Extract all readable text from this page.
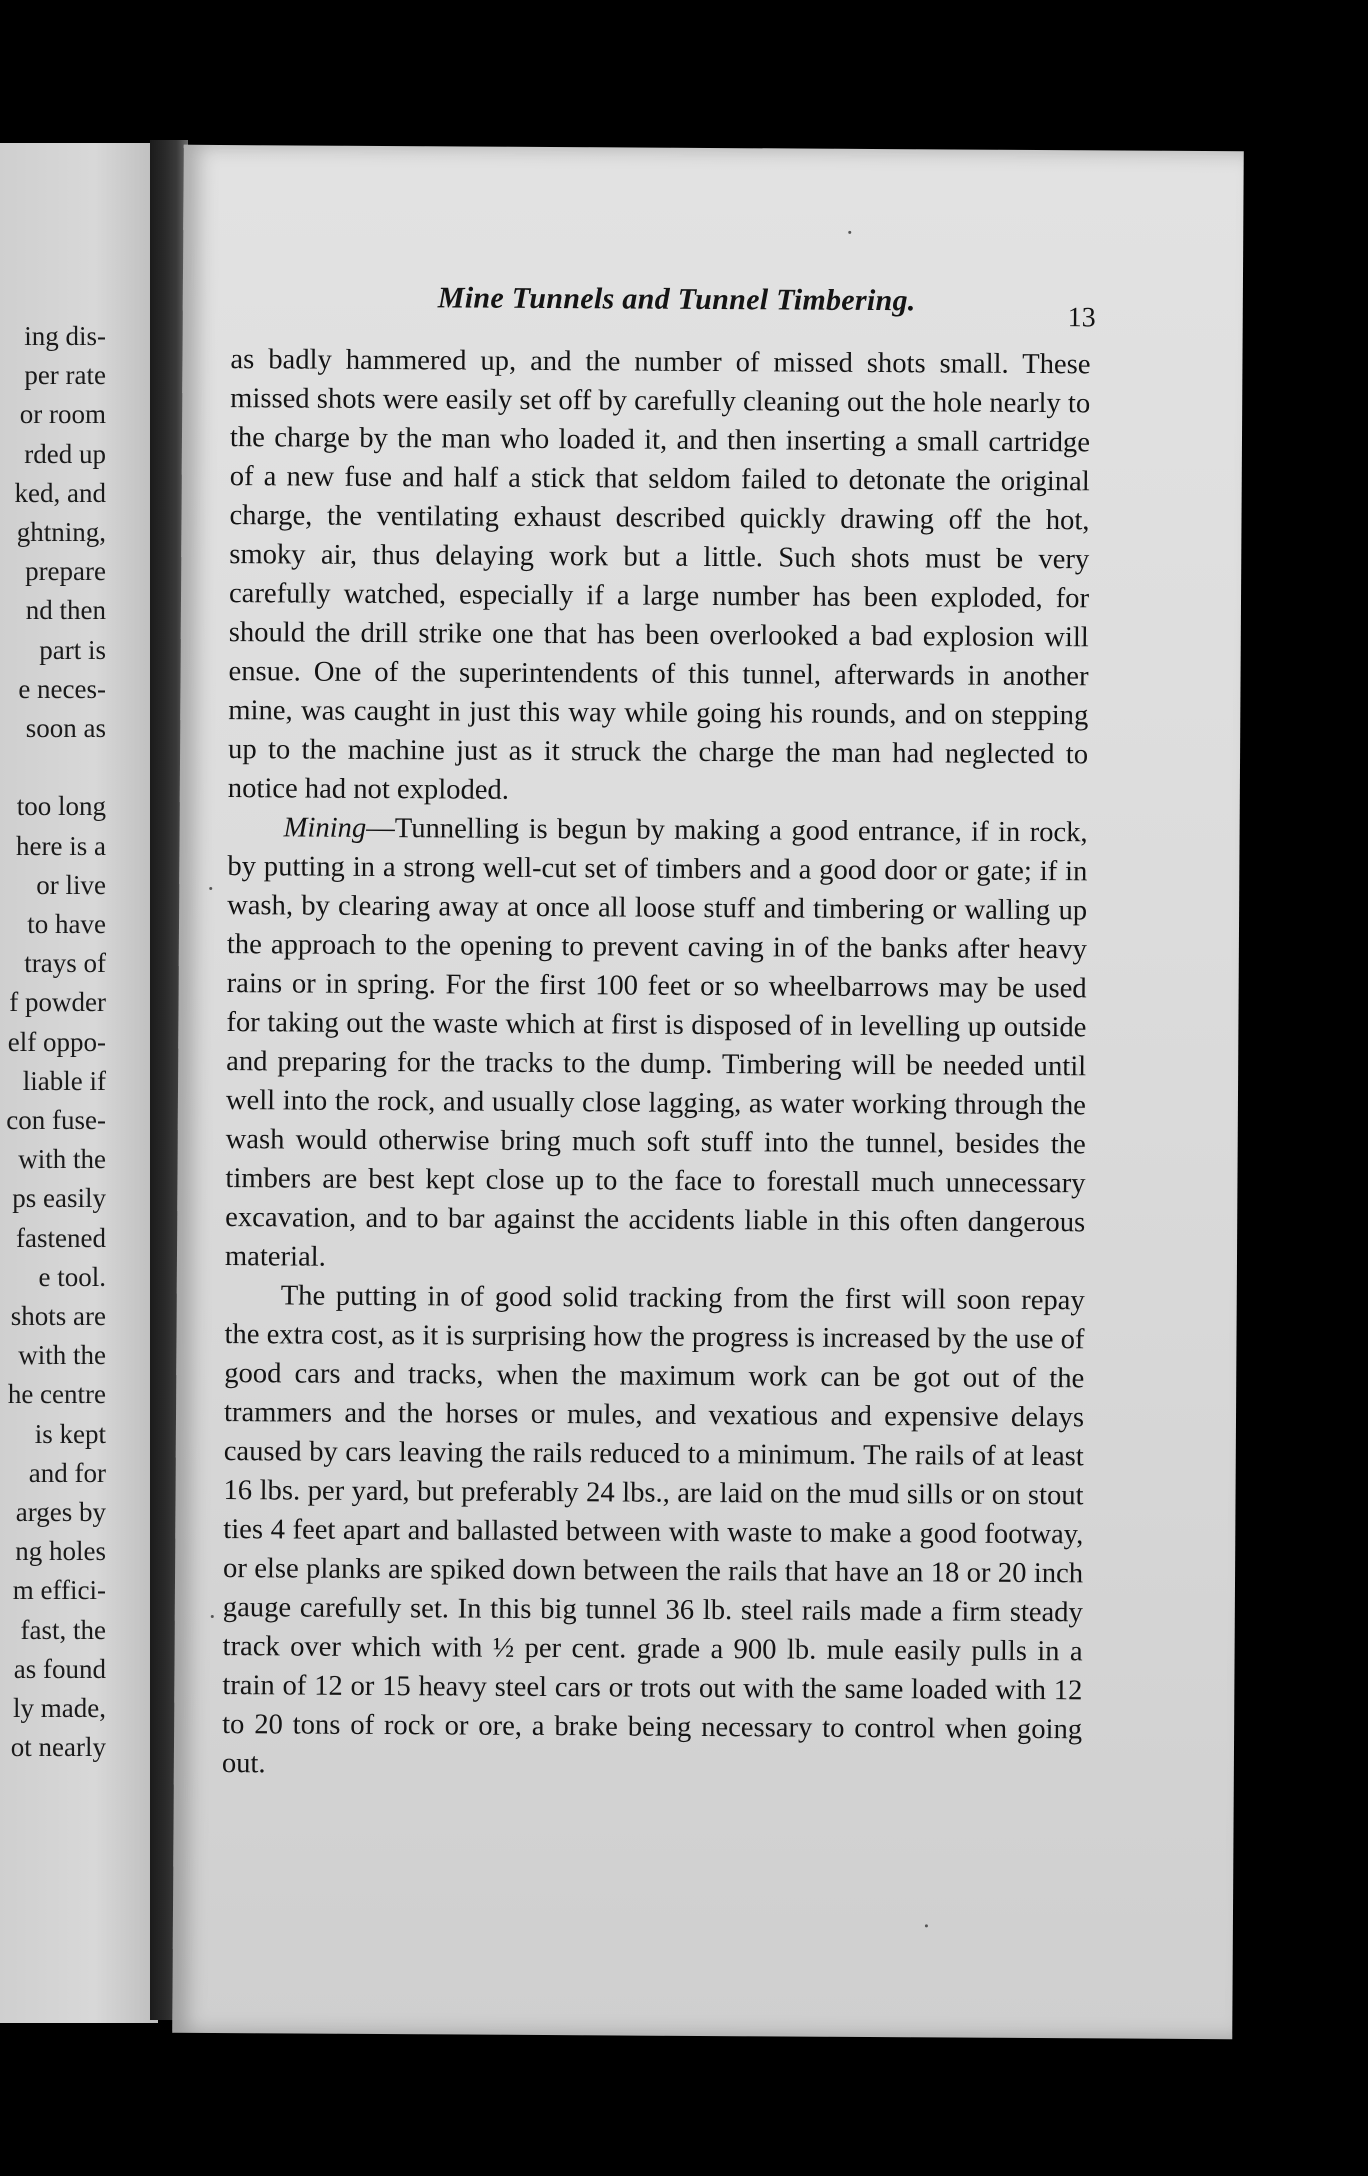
ing dis-
per rate
or room
rded up
ked, and
ghtning,
prepare
nd then
part is
e neces-
soon as
too long
here is a
or live
to have
trays of
f powder
elf oppo-
liable if
con fuse-
with the
ps easily
fastened
e tool.
shots are
with the
he centre
is kept
and for
arges by
ng holes
m effici-
fast, the
as found
ly made,
ot nearly
Mine Tunnels and Tunnel Timbering.
13

as badly hammered up, and the number of missed shots small. These missed shots were easily set off by carefully cleaning out the hole nearly to the charge by the man who loaded it, and then inserting a small cartridge of a new fuse and half a stick that seldom failed to detonate the original charge, the ventilating exhaust described quickly drawing off the hot, smoky air, thus delaying work but a little. Such shots must be very carefully watched, especially if a large number has been exploded, for should the drill strike one that has been overlooked a bad explosion will ensue. One of the superintendents of this tunnel, afterwards in another mine, was caught in just this way while going his rounds, and on stepping up to the machine just as it struck the charge the man had neglected to notice had not exploded.

Mining—Tunnelling is begun by making a good entrance, if in rock, by putting in a strong well-cut set of timbers and a good door or gate; if in wash, by clearing away at once all loose stuff and timbering or walling up the approach to the opening to prevent caving in of the banks after heavy rains or in spring. For the first 100 feet or so wheelbarrows may be used for taking out the waste which at first is disposed of in levelling up outside and preparing for the tracks to the dump. Timbering will be needed until well into the rock, and usually close lagging, as water working through the wash would otherwise bring much soft stuff into the tunnel, besides the timbers are best kept close up to the face to forestall much unnecessary excavation, and to bar against the accidents liable in this often dangerous material.

The putting in of good solid tracking from the first will soon repay the extra cost, as it is surprising how the progress is increased by the use of good cars and tracks, when the maximum work can be got out of the trammers and the horses or mules, and vexatious and expensive delays caused by cars leaving the rails reduced to a minimum. The rails of at least 16 lbs. per yard, but preferably 24 lbs., are laid on the mud sills or on stout ties 4 feet apart and ballasted between with waste to make a good footway, or else planks are spiked down between the rails that have an 18 or 20 inch gauge carefully set. In this big tunnel 36 lb. steel rails made a firm steady track over which with ½ per cent. grade a 900 lb. mule easily pulls in a train of 12 or 15 heavy steel cars or trots out with the same loaded with 12 to 20 tons of rock or ore, a brake being necessary to control when going out.
